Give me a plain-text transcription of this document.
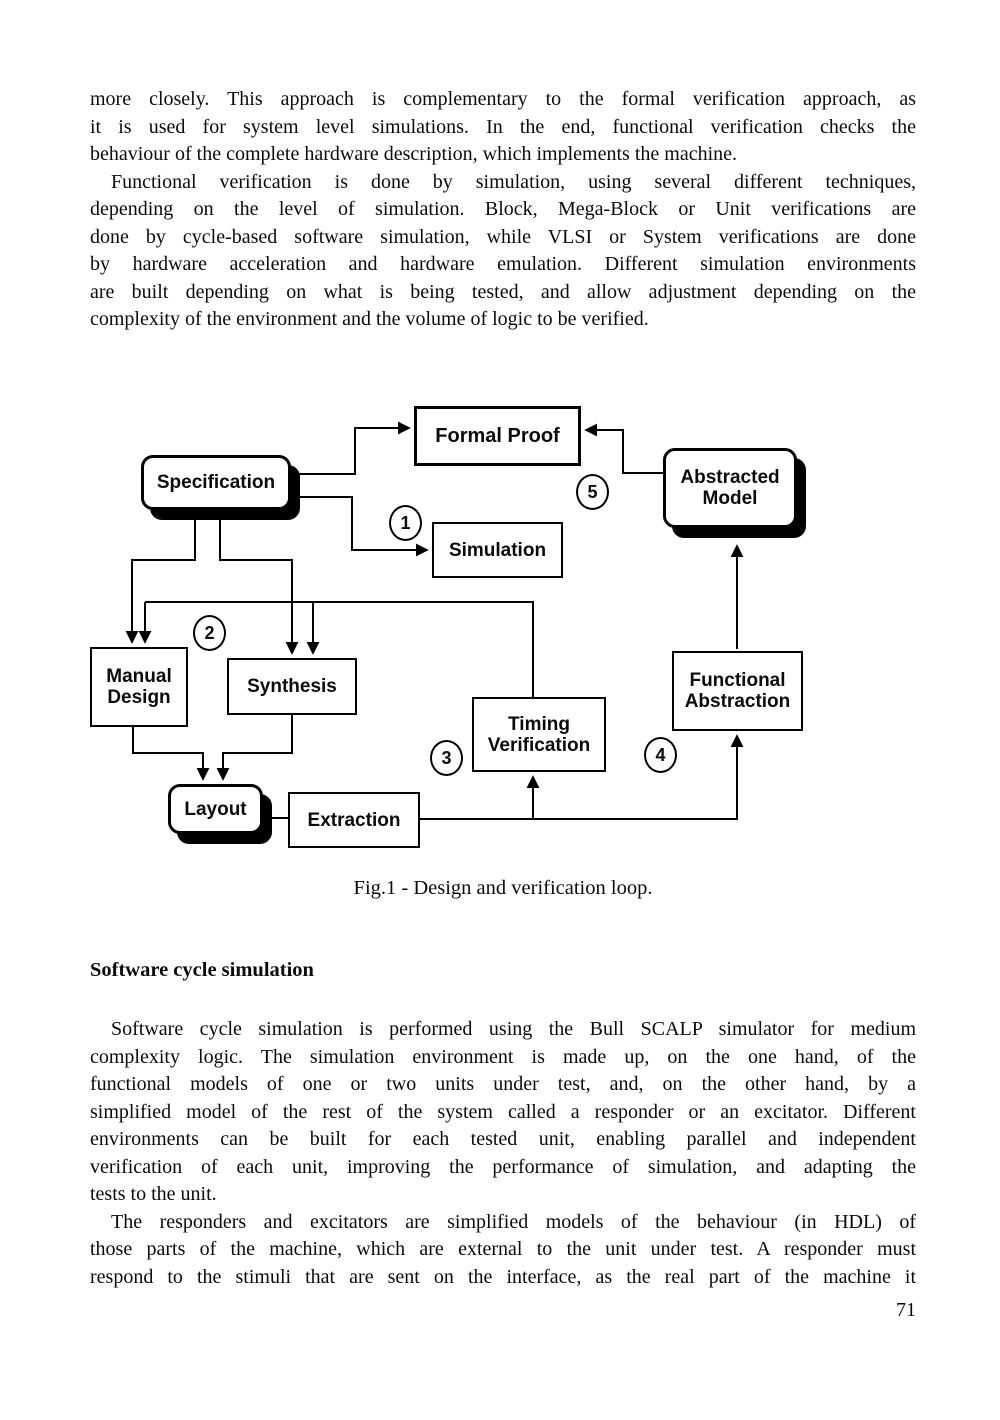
more closely. This approach is complementary to the formal verification approach, as
it is used for system level simulations. In the end, functional verification checks the
behaviour of the complete hardware description, which implements the machine.
Functional verification is done by simulation, using several different techniques,
depending on the level of simulation. Block, Mega-Block or Unit verifications are
done by cycle-based software simulation, while VLSI or System verifications are done
by hardware acceleration and hardware emulation. Different simulation environments
are built depending on what is being tested, and allow adjustment depending on the
complexity of the environment and the volume of logic to be verified.
Formal Proof
Specification	Abstracted
Model
Simulation
Manual
Design
Synthesis
Timing
Verification
Functional
Abstraction
Layout
Extraction
1
2
3	4
5
Fig.1 - Design and verification loop.
Software cycle simulation
Software cycle simulation is performed using the Bull SCALP simulator for medium
complexity logic. The simulation environment is made up, on the one hand, of the
functional models of one or two units under test, and, on the other hand, by a
simplified model of the rest of the system called a responder or an excitator. Different
environments can be built for each tested unit, enabling parallel and independent
verification of each unit, improving the performance of simulation, and adapting the
tests to the unit.
The responders and excitators are simplified models of the behaviour (in HDL) of
those parts of the machine, which are external to the unit under test. A responder must
respond to the stimuli that are sent on the interface, as the real part of the machine it
71
